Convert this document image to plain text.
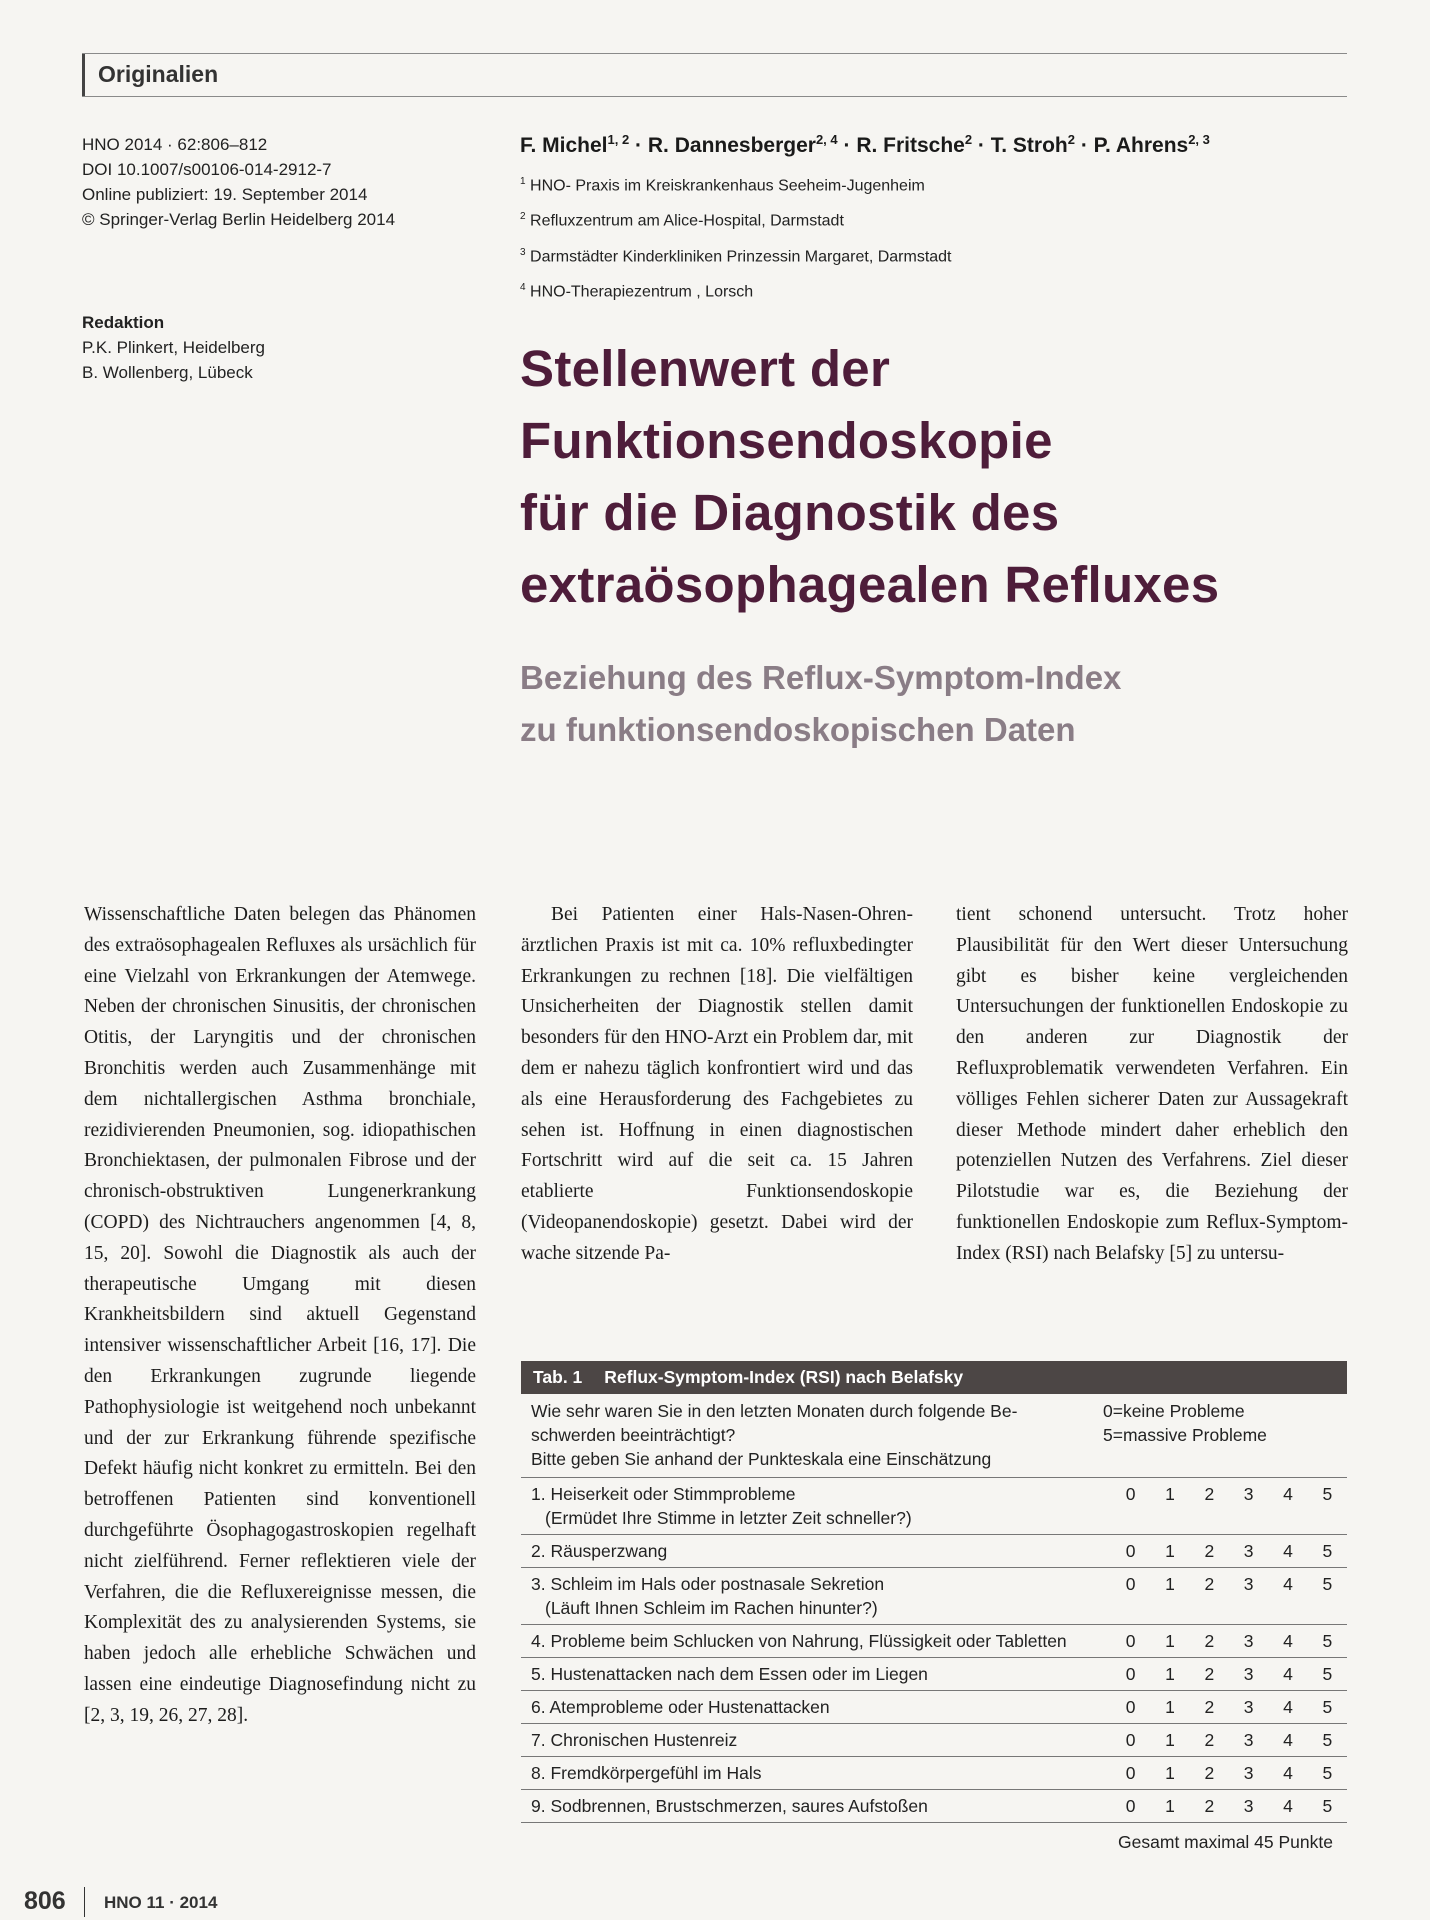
Originalien
HNO 2014 · 62:806–812
DOI 10.1007/s00106-014-2912-7
Online publiziert: 19. September 2014
© Springer-Verlag Berlin Heidelberg 2014
Redaktion
P.K. Plinkert, Heidelberg
B. Wollenberg, Lübeck
F. Michel$^{1, 2}$ · R. Dannesberger$^{2, 4}$ · R. Fritsche$^2$ · T. Stroh$^2$ · P. Ahrens$^{2, 3}$
$^1$ HNO- Praxis im Kreiskrankenhaus Seeheim-Jugenheim
$^2$ Refluxzentrum am Alice-Hospital, Darmstadt
$^3$ Darmstädter Kinderkliniken Prinzessin Margaret, Darmstadt
$^4$ HNO-Therapiezentrum , Lorsch
Stellenwert der
Funktionsendoskopie
für die Diagnostik des
extraösophagealen Refluxes
Beziehung des Reflux-Symptom-Index
zu funktionsendoskopischen Daten
Wissenschaftliche Daten belegen das Phänomen des extraösophagealen Refluxes als ursächlich für eine Vielzahl von Erkrankungen der Atemwege. Neben der chronischen Sinusitis, der chronischen Otitis, der Laryngitis und der chronischen Bronchitis werden auch Zusammenhänge mit dem nichtallergischen Asthma bronchiale, rezidivierenden Pneumonien, sog. idiopathischen Bronchiektasen, der pulmonalen Fibrose und der chronisch-obstruktiven Lungenerkrankung (COPD) des Nichtrauchers angenommen [4, 8, 15, 20]. Sowohl die Diagnostik als auch der therapeutische Umgang mit diesen Krankheitsbildern sind aktuell Gegenstand intensiver wissenschaftlicher Arbeit [16, 17]. Die den Erkrankungen zugrunde liegende Pathophysiologie ist weitgehend noch unbekannt und der zur Erkrankung führende spezifische Defekt häufig nicht konkret zu ermitteln. Bei den betroffenen Patienten sind konventionell durchgeführte Ösophagogastroskopien regelhaft nicht zielführend. Ferner reflektieren viele der Verfahren, die die Refluxereignisse messen, die Komplexität des zu analysierenden Systems, sie haben jedoch alle erhebliche Schwächen und lassen eine eindeutige Diagnosefindung nicht zu [2, 3, 19, 26, 27, 28].
Bei Patienten einer Hals-Nasen-Ohren-ärztlichen Praxis ist mit ca. 10% refluxbedingter Erkrankungen zu rechnen [18]. Die vielfältigen Unsicherheiten der Diagnostik stellen damit besonders für den HNO-Arzt ein Problem dar, mit dem er nahezu täglich konfrontiert wird und das als eine Herausforderung des Fachgebietes zu sehen ist. Hoffnung in einen diagnostischen Fortschritt wird auf die seit ca. 15 Jahren etablierte Funktionsendoskopie (Videopanendoskopie) gesetzt. Dabei wird der wache sitzende Pa-
tient schonend untersucht. Trotz hoher Plausibilität für den Wert dieser Untersuchung gibt es bisher keine vergleichenden Untersuchungen der funktionellen Endoskopie zu den anderen zur Diagnostik der Refluxproblematik verwendeten Verfahren. Ein völliges Fehlen sicherer Daten zur Aussagekraft dieser Methode mindert daher erheblich den potenziellen Nutzen des Verfahrens. Ziel dieser Pilotstudie war es, die Beziehung der funktionellen Endoskopie zum Reflux-Symptom-Index (RSI) nach Belafsky [5] zu untersu-
Tab. 1 Reflux-Symptom-Index (RSI) nach Belafsky
Wie sehr waren Sie in den letzten Monaten durch folgende Be-
schwerden beeinträchtigt?
Bitte geben Sie anhand der Punkteskala eine Einschätzung
0=keine Probleme
5=massive Probleme
1. Heiserkeit oder Stimmprobleme
(Ermüdet Ihre Stimme in letzter Zeit schneller?)
0	1	2	3	4	5
2. Räusperzwang	0	1	2	3	4	5
3. Schleim im Hals oder postnasale Sekretion
(Läuft Ihnen Schleim im Rachen hinunter?)
0	1	2	3	4	5
4. Probleme beim Schlucken von Nahrung, Flüssigkeit oder Tabletten	0	1	2	3	4	5
5. Hustenattacken nach dem Essen oder im Liegen	0	1	2	3	4	5
6. Atemprobleme oder Hustenattacken	0	1	2	3	4	5
7. Chronischen Hustenreiz	0	1	2	3	4	5
8. Fremdkörpergefühl im Hals	0	1	2	3	4	5
9. Sodbrennen, Brustschmerzen, saures Aufstoßen	0	1	2	3	4	5
Gesamt maximal 45 Punkte
806 HNO 11 · 2014
